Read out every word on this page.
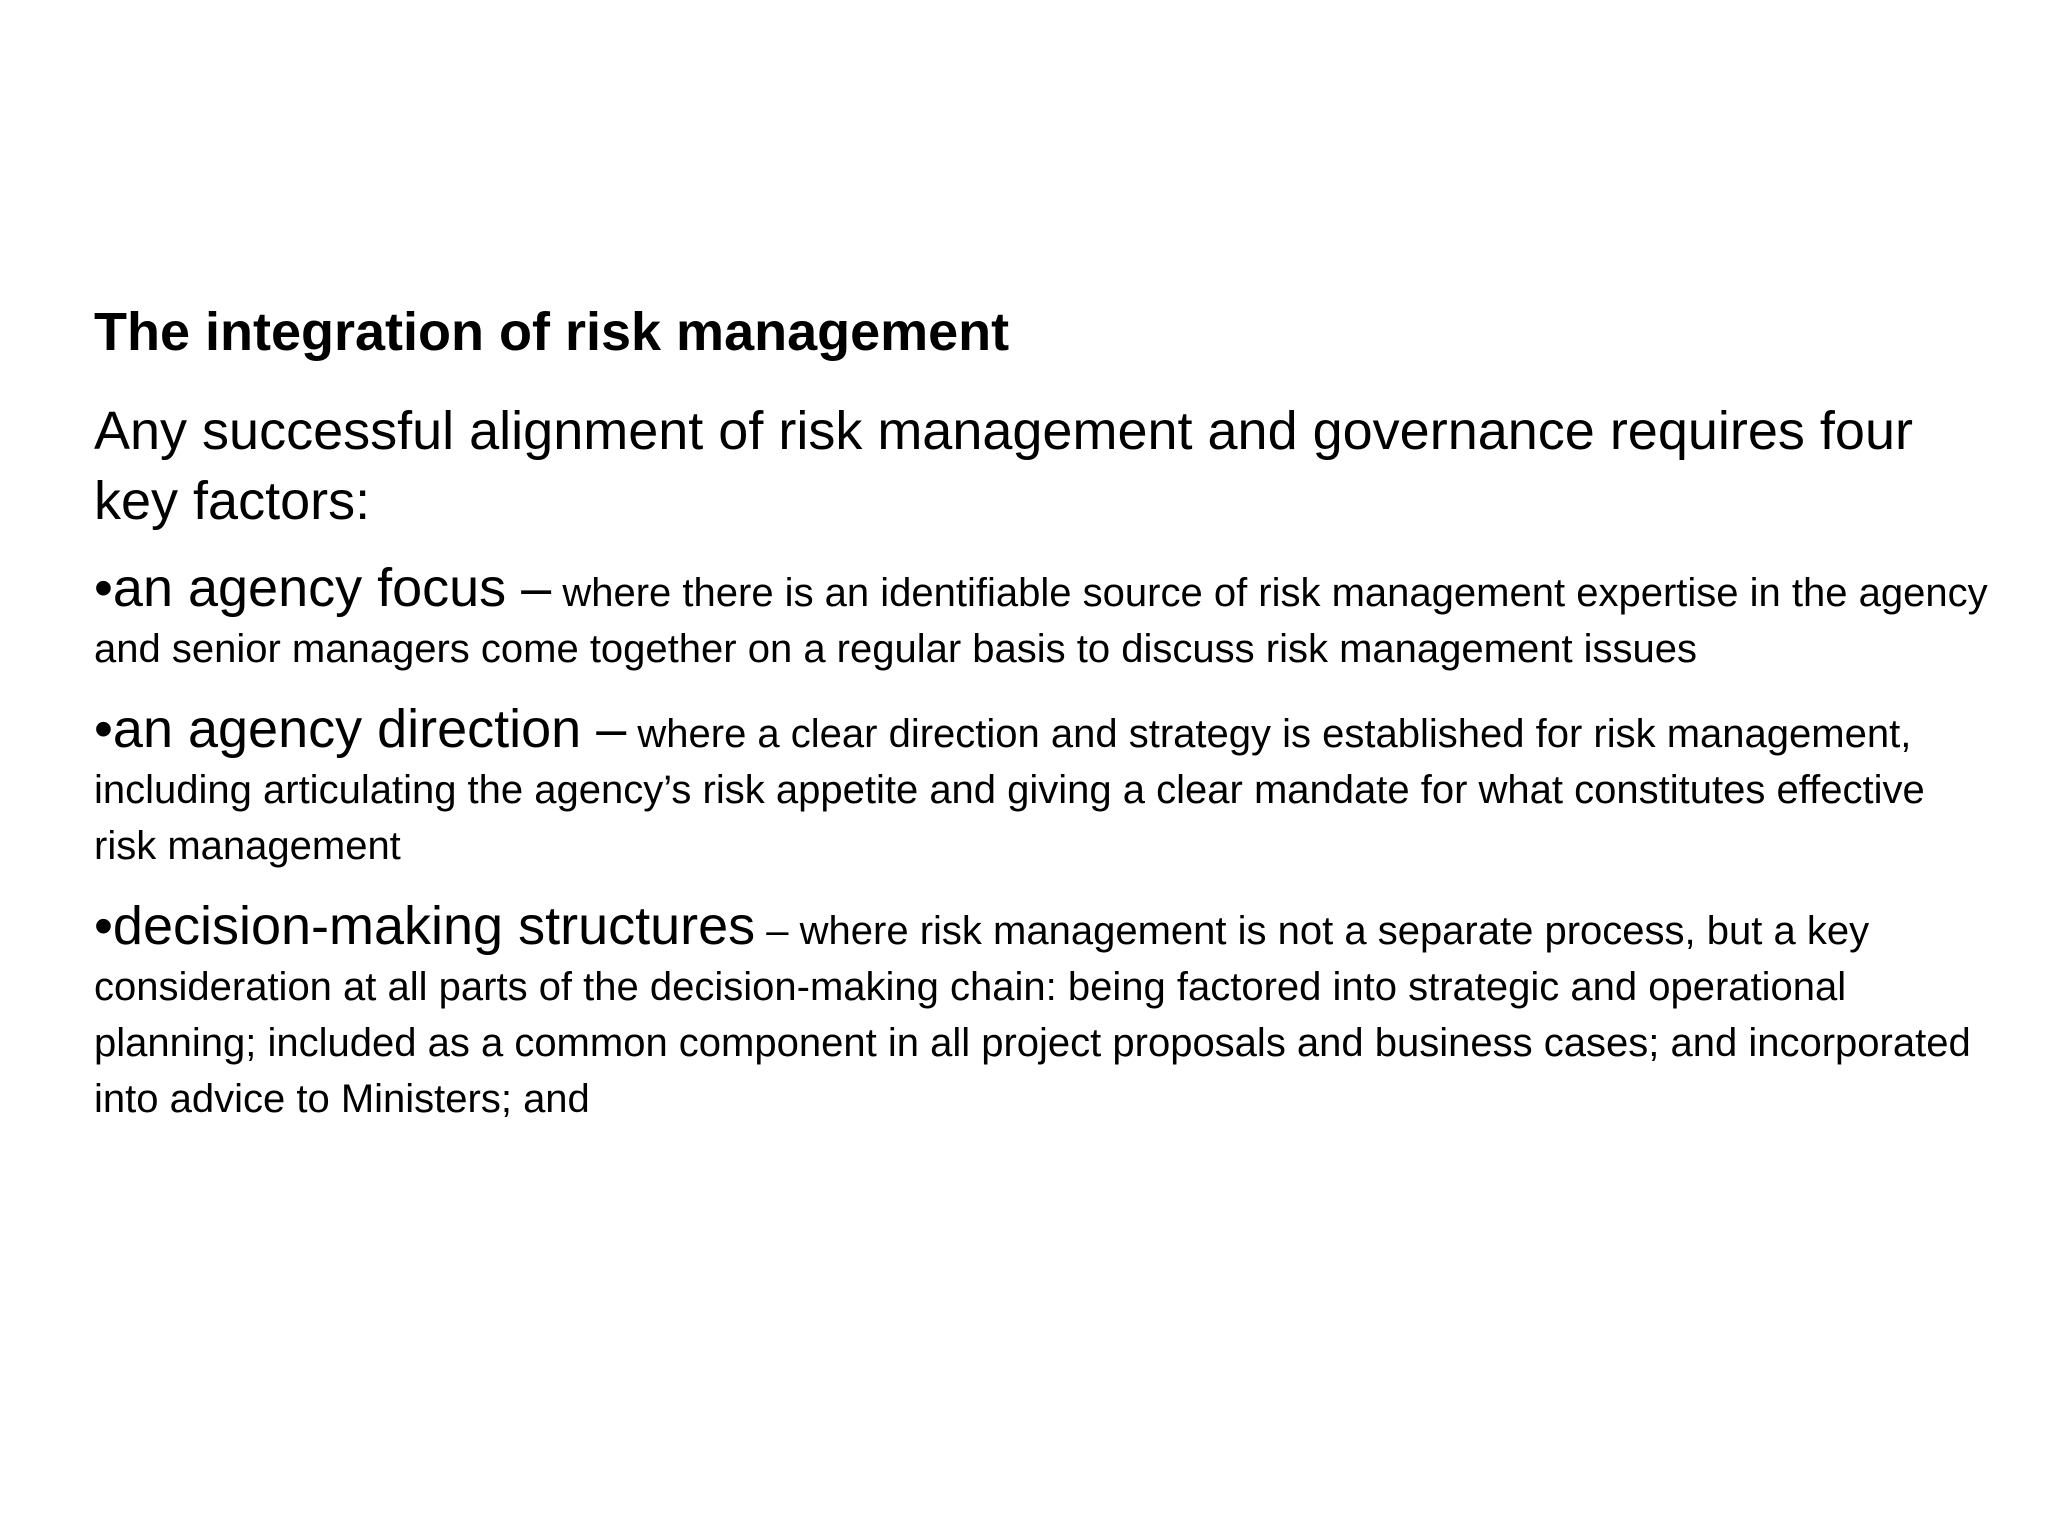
The integration of risk management
Any successful alignment of risk management and governance requires four key factors:
•an agency focus – where there is an identifiable source of risk management expertise in the agency and senior managers come together on a regular basis to discuss risk management issues
•an agency direction – where a clear direction and strategy is established for risk management, including articulating the agency’s risk appetite and giving a clear mandate for what constitutes effective risk management
•decision-making structures – where risk management is not a separate process, but a key consideration at all parts of the decision-making chain: being factored into strategic and operational planning; included as a common component in all project proposals and business cases; and incorporated into advice to Ministers; and
